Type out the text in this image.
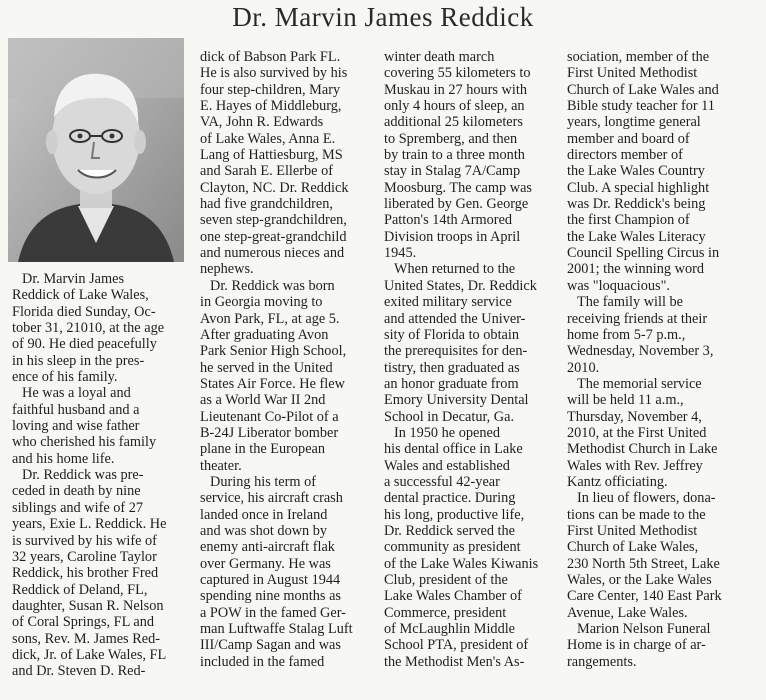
Dr. Marvin James Reddick

Dr. Marvin James
Reddick of Lake Wales,
Florida died Sunday, Oc-
tober 31, 21010, at the age
of 90. He died peacefully
in his sleep in the pres-
ence of his family.

He was a loyal and
faithful husband and a
loving and wise father
who cherished his family
and his home life.

Dr. Reddick was pre-
ceded in death by nine
siblings and wife of 27
years, Exie L. Reddick. He
is survived by his wife of
32 years, Caroline Taylor
Reddick, his brother Fred
Reddick of Deland, FL,
daughter, Susan R. Nelson
of Coral Springs, FL and
sons, Rev. M. James Red-
dick, Jr. of Lake Wales, FL
and Dr. Steven D. Red-

dick of Babson Park FL.
He is also survived by his
four step-children, Mary
E. Hayes of Middleburg,
VA, John R. Edwards
of Lake Wales, Anna E.
Lang of Hattiesburg, MS
and Sarah E. Ellerbe of
Clayton, NC. Dr. Reddick
had five grandchildren,
seven step-grandchildren,
one step-great-grandchild
and numerous nieces and
nephews.

Dr. Reddick was born
in Georgia moving to
Avon Park, FL, at age 5.
After graduating Avon
Park Senior High School,
he served in the United
States Air Force. He flew
as a World War II 2nd
Lieutenant Co-Pilot of a
B-24J Liberator bomber
plane in the European
theater.

During his term of
service, his aircraft crash
landed once in Ireland
and was shot down by
enemy anti-aircraft flak
over Germany. He was
captured in August 1944
spending nine months as
a POW in the famed Ger-
man Luftwaffe Stalag Luft
III/Camp Sagan and was
included in the famed

winter death march
covering 55 kilometers to
Muskau in 27 hours with
only 4 hours of sleep, an
additional 25 kilometers
to Spremberg, and then
by train to a three month
stay in Stalag 7A/Camp
Moosburg. The camp was
liberated by Gen. George
Patton's 14th Armored
Division troops in April
1945.

When returned to the
United States, Dr. Reddick
exited military service
and attended the Univer-
sity of Florida to obtain
the prerequisites for den-
tistry, then graduated as
an honor graduate from
Emory University Dental
School in Decatur, Ga.

In 1950 he opened
his dental office in Lake
Wales and established
a successful 42-year
dental practice. During
his long, productive life,
Dr. Reddick served the
community as president
of the Lake Wales Kiwanis
Club, president of the
Lake Wales Chamber of
Commerce, president
of McLaughlin Middle
School PTA, president of
the Methodist Men's As-

sociation, member of the
First United Methodist
Church of Lake Wales and
Bible study teacher for 11
years, longtime general
member and board of
directors member of
the Lake Wales Country
Club. A special highlight
was Dr. Reddick's being
the first Champion of
the Lake Wales Literacy
Council Spelling Circus in
2001; the winning word
was "loquacious".

The family will be
receiving friends at their
home from 5-7 p.m.,
Wednesday, November 3,
2010.

The memorial service
will be held 11 a.m.,
Thursday, November 4,
2010, at the First United
Methodist Church in Lake
Wales with Rev. Jeffrey
Kantz officiating.

In lieu of flowers, dona-
tions can be made to the
First United Methodist
Church of Lake Wales,
230 North 5th Street, Lake
Wales, or the Lake Wales
Care Center, 140 East Park
Avenue, Lake Wales.

Marion Nelson Funeral
Home is in charge of ar-
rangements.
